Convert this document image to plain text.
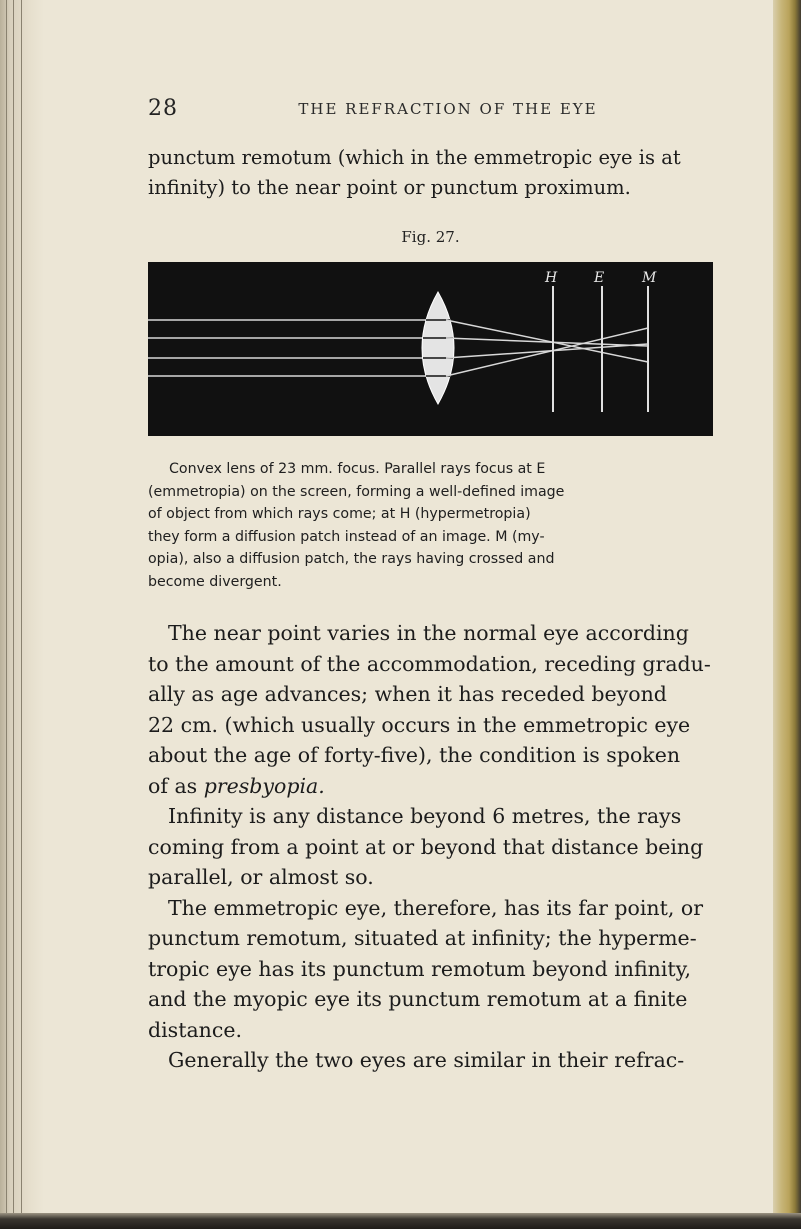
28	THE REFRACTION OF THE EYE
punctum remotum (which in the emmetropic eye is at
infinity) to the near point or punctum proximum.
Fig. 27.
H	E	M
Convex lens of 23 mm. focus. Parallel rays focus at E
(emmetropia) on the screen, forming a well-defined image
of object from which rays come; at H (hypermetropia)
they form a diffusion patch instead of an image. M (my-
opia), also a diffusion patch, the rays having crossed and
become divergent.
The near point varies in the normal eye according
to the amount of the accommodation, receding gradu-
ally as age advances; when it has receded beyond
22 cm. (which usually occurs in the emmetropic eye
about the age of forty-five), the condition is spoken
of as presbyopia.
Infinity is any distance beyond 6 metres, the rays
coming from a point at or beyond that distance being
parallel, or almost so.
The emmetropic eye, therefore, has its far point, or
punctum remotum, situated at infinity; the hyperme-
tropic eye has its punctum remotum beyond infinity,
and the myopic eye its punctum remotum at a finite
distance.
Generally the two eyes are similar in their refrac-
